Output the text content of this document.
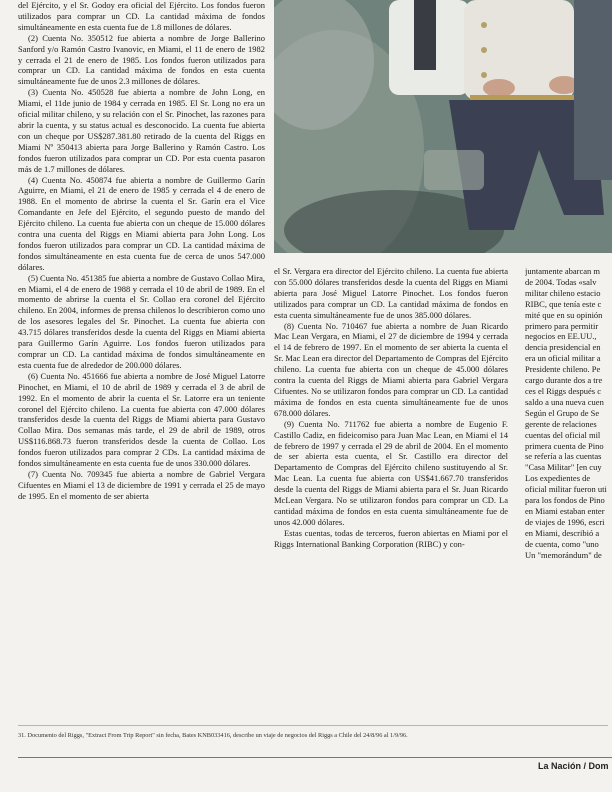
del Ejército, y el Sr. Godoy era oficial del Ejército. Los fondos fueron utilizados para comprar un CD. La cantidad máxima de fondos simultáneamente en esta cuenta fue de 1.8 millones de dólares.

(2) Cuenta No. 350512 fue abierta a nombre de Jorge Ballerino Sanford y/o Ramón Castro Ivanovic, en Miami, el 11 de enero de 1982 y cerrada el 21 de enero de 1985. Los fondos fueron utilizados para comprar un CD. La cantidad máxima de fondos en esta cuenta simultáneamente fue de unos 2.3 millones de dólares.

(3) Cuenta No. 450528 fue abierta a nombre de John Long, en Miami, el 11de junio de 1984 y cerrada en 1985. El Sr. Long no era un oficial militar chileno, y su relación con el Sr. Pinochet, las razones para abrir la cuenta, y su status actual es desconocido. La cuenta fue abierta con un cheque por US$287.381.80 retirado de la cuenta del Riggs en Miami Nº 350413 abierta para Jorge Ballerino y Ramón Castro. Los fondos fueron utilizados para comprar un CD. Por esta cuenta pasaron más de 1.7 millones de dólares.

(4) Cuenta No. 450874 fue abierta a nombre de Guillermo Garín Aguirre, en Miami, el 21 de enero de 1985 y cerrada el 4 de enero de 1988. En el momento de abrirse la cuenta el Sr. Garín era el Vice Comandante en Jefe del Ejército, el segundo puesto de mando del Ejército chileno. La cuenta fue abierta con un cheque de 15.000 dólares contra una cuenta del Riggs en Miami abierta para John Long. Los fondos fueron utilizados para comprar un CD. La cantidad máxima de fondos simultáneamente en esta cuenta fue de cerca de unos 547.000 dólares.

(5) Cuenta No. 451385 fue abierta a nombre de Gustavo Collao Mira, en Miami, el 4 de enero de 1988 y cerrada el 10 de abril de 1989. En el momento de abrirse la cuenta el Sr. Collao era coronel del Ejército chileno. En 2004, informes de prensa chilenos lo describieron como uno de los asesores legales del Sr. Pinochet. La cuenta fue abierta con 43.715 dólares transferidos desde la cuenta del Riggs en Miami abierta para Guillermo Garín Aguirre. Los fondos fueron utilizados para comprar un CD. La cantidad máxima de fondos simultáneamente en esta cuenta fue de alrededor de 200.000 dólares.

(6) Cuenta No. 451666 fue abierta a nombre de José Miguel Latorre Pinochet, en Miami, el 10 de abril de 1989 y cerrada el 3 de abril de 1992. En el momento de abrir la cuenta el Sr. Latorre era un teniente coronel del Ejército chileno. La cuenta fue abierta con 47.000 dólares transferidos desde la cuenta del Riggs de Miami abierta para Gustavo Collao Mira. Dos semanas más tarde, el 29 de abril de 1989, otros US$116.868.73 fueron transferidos desde la cuenta de Collao. Los fondos fueron utilizados para comprar 2 CDs. La cantidad máxima de fondos simultáneamente en esta cuenta fue de unos 330.000 dólares.

(7) Cuenta No. 709345 fue abierta a nombre de Gabriel Vergara Cifuentes en Miami el 13 de diciembre de 1991 y cerrada el 25 de mayo de 1995. En el momento de ser abierta

el Sr. Vergara era director del Ejército chileno. La cuenta fue abierta con 55.000 dólares transferidos desde la cuenta del Riggs en Miami abierta para José Miguel Latorre Pinochet. Los fondos fueron utilizados para comprar un CD. La cantidad máxima de fondos en esta cuenta simultáneamente fue de unos 385.000 dólares.

(8) Cuenta No. 710467 fue abierta a nombre de Juan Ricardo Mac Lean Vergara, en Miami, el 27 de diciembre de 1994 y cerrada el 14 de febrero de 1997. En el momento de ser abierta la cuenta el Sr. Mac Lean era director del Departamento de Compras del Ejército chileno. La cuenta fue abierta con un cheque de 45.000 dólares contra la cuenta del Riggs de Miami abierta para Gabriel Vergara Cifuentes. No se utilizaron fondos para comprar un CD. La cantidad máxima de fondos en esta cuenta simultáneamente fue de unos 678.000 dólares.

(9) Cuenta No. 711762 fue abierta a nombre de Eugenio F. Castillo Cadiz, en fideicomiso para Juan Mac Lean, en Miami el 14 de febrero de 1997 y cerrada el 29 de abril de 2004. En el momento de ser abierta esta cuenta, el Sr. Castillo era director del Departamento de Compras del Ejército chileno sustituyendo al Sr. Mac Lean. La cuenta fue abierta con US$41.667.70 transferidos desde la cuenta del Riggs de Miami abierta para el Sr. Juan Ricardo McLean Vergara. No se utilizaron fondos para comprar un CD. La cantidad máxima de fondos en esta cuenta simultáneamente fue de unos 42.000 dólares.

Estas cuentas, todas de terceros, fueron abiertas en Miami por el Riggs International Banking Corporation (RIBC) y con-

juntamente abarcan m
de 2004. Todas «salv
militar chileno estacio
RIBC, que tenía este c
mité que en su opinión
primero para permitir
negocios en EE.UU.,
dencia presidencial en
era un oficial militar a
Presidente chileno. Pe
cargo durante dos a tre
ces el Riggs después c
saldo a una nueva cuen
Según el Grupo de Se
gerente de relaciones
cuentas del oficial mil
primera cuenta de Pino
se refería a las cuentas
"Casa Militar" [en cuy
Los expedientes de
oficial militar fueron uti
para los fondos de Pino
en Miami estaban enter
de viajes de 1996, escri
en Miami, describió a
de cuenta, como "uno
Un "memorándum" de
31. Documento del Riggs, "Extract From Trip Report" sin fecha, Bates KNB033416, describe un viaje de negocios del Riggs a Chile del 24/8/96 al 1/9/96.
La Nación / Dom
